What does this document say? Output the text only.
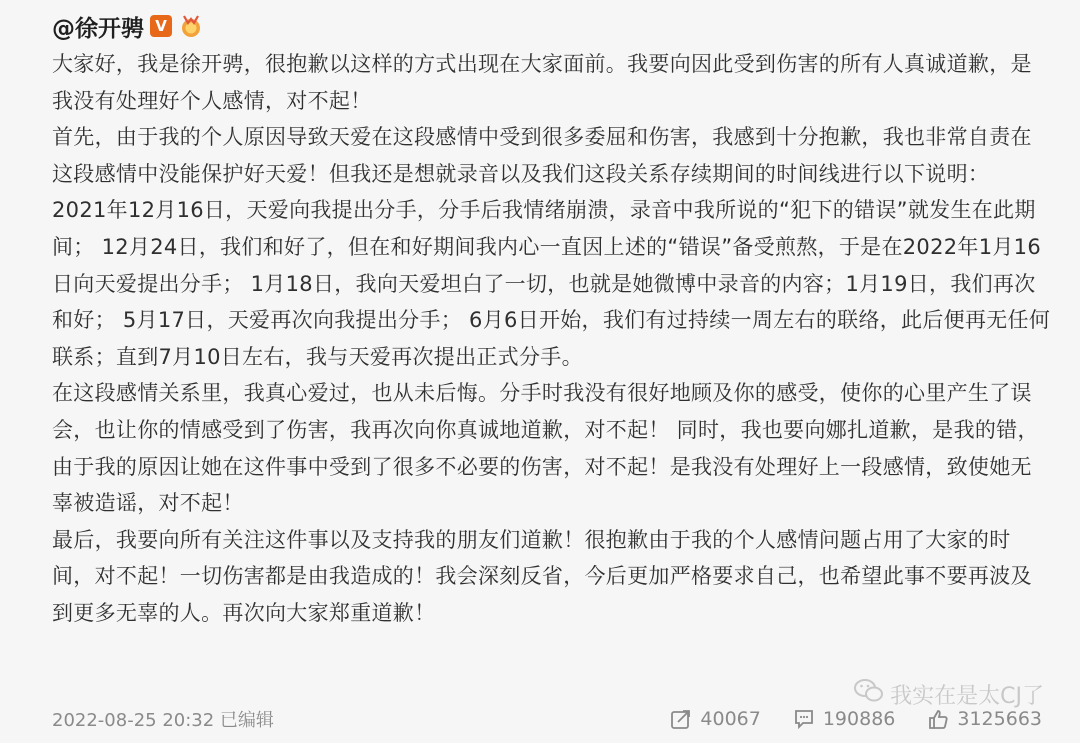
@徐开骋 V

大家好，我是徐开骋，很抱歉以这样的方式出现在大家面前。我要向因此受到伤害的所有人真诚道歉，是我没有处理好个人感情，对不起！

首先，由于我的个人原因导致天爱在这段感情中受到很多委屈和伤害，我感到十分抱歉，我也非常自责在这段感情中没能保护好天爱！但我还是想就录音以及我们这段关系存续期间的时间线进行以下说明：

2021年12月16日，天爱向我提出分手，分手后我情绪崩溃，录音中我所说的“犯下的错误”就发生在此期间； 12月24日，我们和好了，但在和好期间我内心一直因上述的“错误”备受煎熬，于是在2022年1月16日向天爱提出分手； 1月18日，我向天爱坦白了一切，也就是她微博中录音的内容；1月19日，我们再次和好； 5月17日，天爱再次向我提出分手； 6月6日开始，我们有过持续一周左右的联络，此后便再无任何联系；直到7月10日左右，我与天爱再次提出正式分手。

在这段感情关系里，我真心爱过，也从未后悔。分手时我没有很好地顾及你的感受，使你的心里产生了误会，也让你的情感受到了伤害，我再次向你真诚地道歉，对不起！ 同时，我也要向娜扎道歉，是我的错，由于我的原因让她在这件事中受到了很多不必要的伤害，对不起！是我没有处理好上一段感情，致使她无辜被造谣，对不起！

最后，我要向所有关注这件事以及支持我的朋友们道歉！很抱歉由于我的个人感情问题占用了大家的时间，对不起！一切伤害都是由我造成的！我会深刻反省，今后更加严格要求自己，也希望此事不要再波及到更多无辜的人。再次向大家郑重道歉！

我实在是太CJ了
2022-08-25 20:32 已编辑	40067	190886	3125663
